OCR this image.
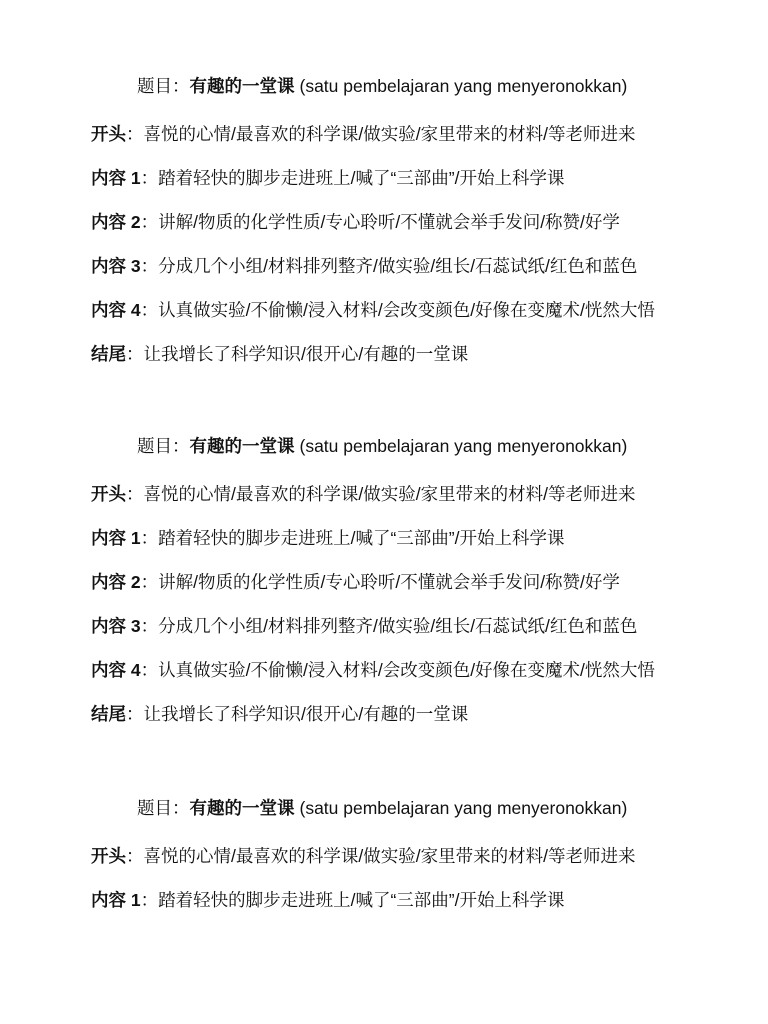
题目：有趣的一堂课 (satu pembelajaran yang menyeronokkan)
开头：喜悦的心情/最喜欢的科学课/做实验/家里带来的材料/等老师进来
内容 1：踏着轻快的脚步走进班上/喊了“三部曲”/开始上科学课
内容 2：讲解/物质的化学性质/专心聆听/不懂就会举手发问/称赞/好学
内容 3：分成几个小组/材料排列整齐/做实验/组长/石蕊试纸/红色和蓝色
内容 4：认真做实验/不偷懒/浸入材料/会改变颜色/好像在变魔术/恍然大悟
结尾：让我增长了科学知识/很开心/有趣的一堂课
题目：有趣的一堂课 (satu pembelajaran yang menyeronokkan)
开头：喜悦的心情/最喜欢的科学课/做实验/家里带来的材料/等老师进来
内容 1：踏着轻快的脚步走进班上/喊了“三部曲”/开始上科学课
内容 2：讲解/物质的化学性质/专心聆听/不懂就会举手发问/称赞/好学
内容 3：分成几个小组/材料排列整齐/做实验/组长/石蕊试纸/红色和蓝色
内容 4：认真做实验/不偷懒/浸入材料/会改变颜色/好像在变魔术/恍然大悟
结尾：让我增长了科学知识/很开心/有趣的一堂课
题目：有趣的一堂课 (satu pembelajaran yang menyeronokkan)
开头：喜悦的心情/最喜欢的科学课/做实验/家里带来的材料/等老师进来
内容 1：踏着轻快的脚步走进班上/喊了“三部曲”/开始上科学课
